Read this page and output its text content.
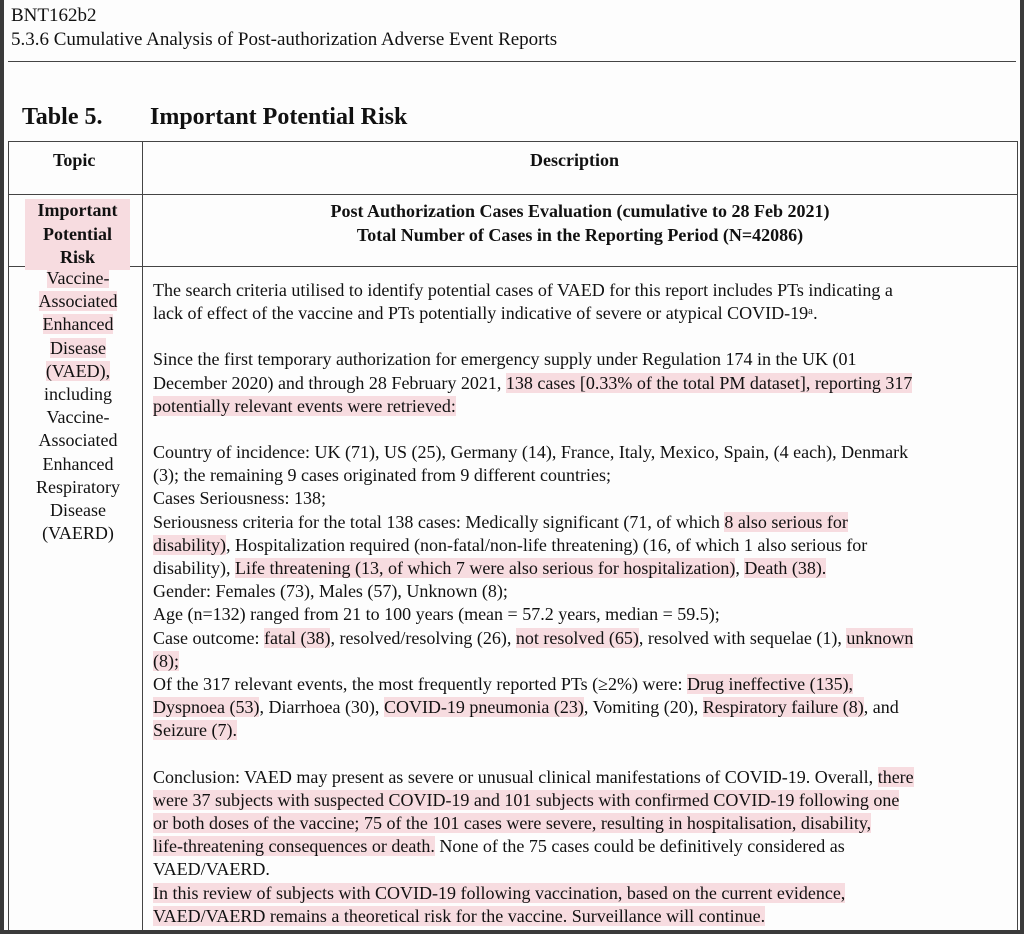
BNT162b2
5.3.6 Cumulative Analysis of Post-authorization Adverse Event Reports
Table 5. Important Potential Risk
Topic	Description
Important
Potential
Risk
Post Authorization Cases Evaluation (cumulative to 28 Feb 2021)
Total Number of Cases in the Reporting Period (N=42086)
Vaccine-
Associated
Enhanced
Disease
(VAED),
including
Vaccine-
Associated
Enhanced
Respiratory
Disease
(VAERD)

The search criteria utilised to identify potential cases of VAED for this report includes PTs indicating a

lack of effect of the vaccine and PTs potentially indicative of severe or atypical COVID-19ᵃ.

Since the first temporary authorization for emergency supply under Regulation 174 in the UK (01

December 2020) and through 28 February 2021, 138 cases [0.33% of the total PM dataset], reporting 317

potentially relevant events were retrieved:

Country of incidence: UK (71), US (25), Germany (14), France, Italy, Mexico, Spain, (4 each), Denmark

(3); the remaining 9 cases originated from 9 different countries;

Cases Seriousness: 138;

Seriousness criteria for the total 138 cases: Medically significant (71, of which 8 also serious for

disability), Hospitalization required (non-fatal/non-life threatening) (16, of which 1 also serious for

disability), Life threatening (13, of which 7 were also serious for hospitalization), Death (38).

Gender: Females (73), Males (57), Unknown (8);

Age (n=132) ranged from 21 to 100 years (mean = 57.2 years, median = 59.5);

Case outcome: fatal (38), resolved/resolving (26), not resolved (65), resolved with sequelae (1), unknown

(8);

Of the 317 relevant events, the most frequently reported PTs (≥2%) were: Drug ineffective (135),

Dyspnoea (53), Diarrhoea (30), COVID-19 pneumonia (23), Vomiting (20), Respiratory failure (8), and

Seizure (7).

Conclusion: VAED may present as severe or unusual clinical manifestations of COVID-19. Overall, there

were 37 subjects with suspected COVID-19 and 101 subjects with confirmed COVID-19 following one

or both doses of the vaccine; 75 of the 101 cases were severe, resulting in hospitalisation, disability,

life-threatening consequences or death. None of the 75 cases could be definitively considered as

VAED/VAERD.

In this review of subjects with COVID-19 following vaccination, based on the current evidence,

VAED/VAERD remains a theoretical risk for the vaccine. Surveillance will continue.
